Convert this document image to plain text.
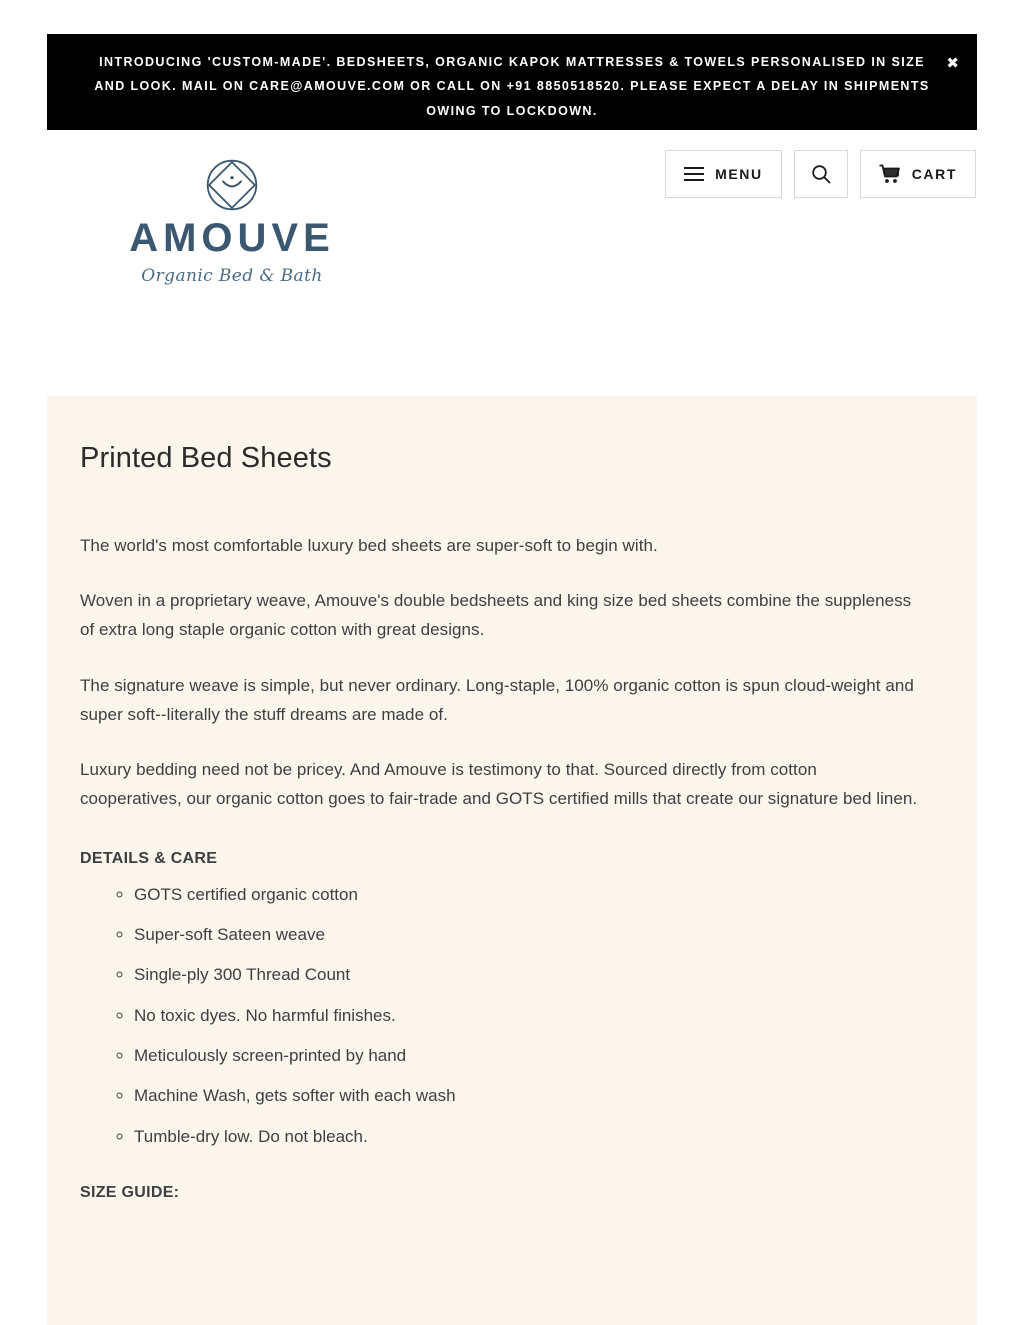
INTRODUCING 'CUSTOM-MADE'. BEDSHEETS, ORGANIC KAPOK MATTRESSES & TOWELS PERSONALISED IN SIZE AND LOOK. MAIL ON CARE@AMOUVE.COM OR CALL ON +91 8850518520. PLEASE EXPECT A DELAY IN SHIPMENTS OWING TO LOCKDOWN.
✖
AMOUVE
Organic Bed & Bath
MENU	CART
Printed Bed Sheets

The world's most comfortable luxury bed sheets are super-soft to begin with.

Woven in a proprietary weave, Amouve's double bedsheets and king size bed sheets combine the suppleness of extra long staple organic cotton with great designs.

The signature weave is simple, but never ordinary. Long-staple, 100% organic cotton is spun cloud-weight and super soft--literally the stuff dreams are made of.

Luxury bedding need not be pricey. And Amouve is testimony to that. Sourced directly from cotton cooperatives, our organic cotton goes to fair-trade and GOTS certified mills that create our signature bed linen.

DETAILS & CARE
◦ GOTS certified organic cotton
◦ Super-soft Sateen weave
◦ Single-ply 300 Thread Count
◦ No toxic dyes. No harmful finishes.
◦ Meticulously screen-printed by hand
◦ Machine Wash, gets softer with each wash
◦ Tumble-dry low. Do not bleach.
SIZE GUIDE:
